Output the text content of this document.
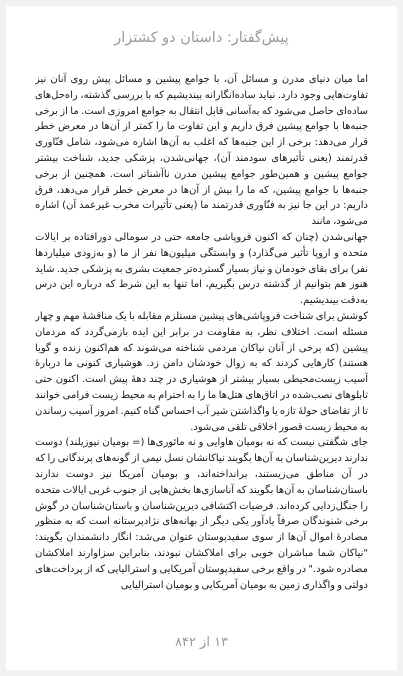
پیش‌گفتار: داستان دو کشتزار

اما میان دنیای مدرن و مسائل آن، با جوامع پیشین و مسائل پیش روی آنان نیز تفاوت‌هایی وجود دارد. نباید ساده‌انگارانه بیندیشیم که با بررسی گذشته، راه‌حل‌های ساده‌ای حاصل می‌شود که به‌آسانی قابل انتقال به جوامع امروزی است. ما از برخی جنبه‌ها با جوامع پیشین فرق داریم و این تفاوت ما را کمتر از آن‌ها در معرض خطر قرار می‌دهد: برخی از این جنبه‌ها که اغلب به آن‌ها اشاره می‌شود، شامل فنّاوری قدرتمند (یعنی تأثیرهای سودمند آن)، جهانی‌شدن، پزشکی جدید، شناخت بیشتر جوامع پیشین و همین‌طور جوامع پیشین مدرن ناآشناتر است. همچنین از برخی جنبه‌ها با جوامع پیشین، که ما را بیش از آن‌ها در معرض خطر قرار می‌دهد، فرق داریم: در این جا نیز به فنّاوری قدرتمند ما (یعنی تأثیرات مخرب غیرعمد آن) اشاره می‌شود، مانند

جهانی‌شدن (چنان که اکنون فروپاشی جامعه حتی در سومالی دورافتاده بر ایالات متحده و اروپا تأثیر می‌گذارد) و وابستگی میلیون‌ها نفر از ما (و به‌زودی میلیاردها نفر) برای بقای خودمان و نیاز بسیار گسترده‌تر جمعیت بشری به پزشکی جدید. شاید هنوز هم بتوانیم از گذشته درس بگیریم، اما تنها به این شرط که درباره این درس به‌دقت بیندیشیم.

کوشش برای شناخت فروپاشی‌های پیشین مستلزم مقابله با یک مناقشهٔ مهم و چهار مسئله است. اختلاف نظر، به مقاومت در برابر این ایده بازمی‌گردد که مردمان پیشین (که برخی از آنان نیاکان مردمی شناخته می‌شوند که هم‌اکنون زنده و گویا هستند) کارهایی کردند که به زوال خودشان دامن زد. هوشیاری کنونی ما دربارهٔ آسیب زیست‌محیطی بسیار بیشتر از هوشیاری در چند دههٔ پیش است. اکنون حتی تابلوهای نصب‌شده در اتاق‌های هتل‌ها ما را به احترام به محیط زیست فرامی خوانند تا از تقاضای حولهٔ تازه یا واگذاشتن شیر آب احساس گناه کنیم. امروز آسیب رساندن به محیط زیست قصور اخلاقی تلقی می‌شود.

جای شگفتی نیست که نه بومیان هاوایی و نه مائوری‌ها (= بومیان نیوزیلند) دوست ندارند دیرین‌شناسان به آن‌ها بگویند نیاکانشان نسل نیمی از گونه‌های پرندگانی را که در آن مناطق می‌زیستند، برانداخته‌اند، و بومیان آمریکا نیز دوست ندارند باستان‌شناسان به آن‌ها بگویند که آناسازی‌ها بخش‌هایی از جنوب غربی ایالات متحده را جنگل‌زدایی کرده‌اند. فرضیات اکتشافی دیرین‌شناسان و باستان‌شناسان در گوش برخی شنوندگان صرفاً یادآور یکی دیگر از بهانه‌های نژادپرستانه است که به منظور مصادرهٔ اموال آن‌ها از سوی سفیدپوستان عنوان می‌شد: انگار دانشمندان بگویند: "نیاکان شما مباشران خوبی برای املاکشان نبودند، بنابراین سزاوارند املاکشان مصادره شود." در واقع برخی سفیدپوستان آمریکایی و استرالیایی که از پرداخت‌های دولتی و واگذاری زمین به بومیان آمریکایی و بومیان استرالیایی

۱۳ از ۸۴۲
